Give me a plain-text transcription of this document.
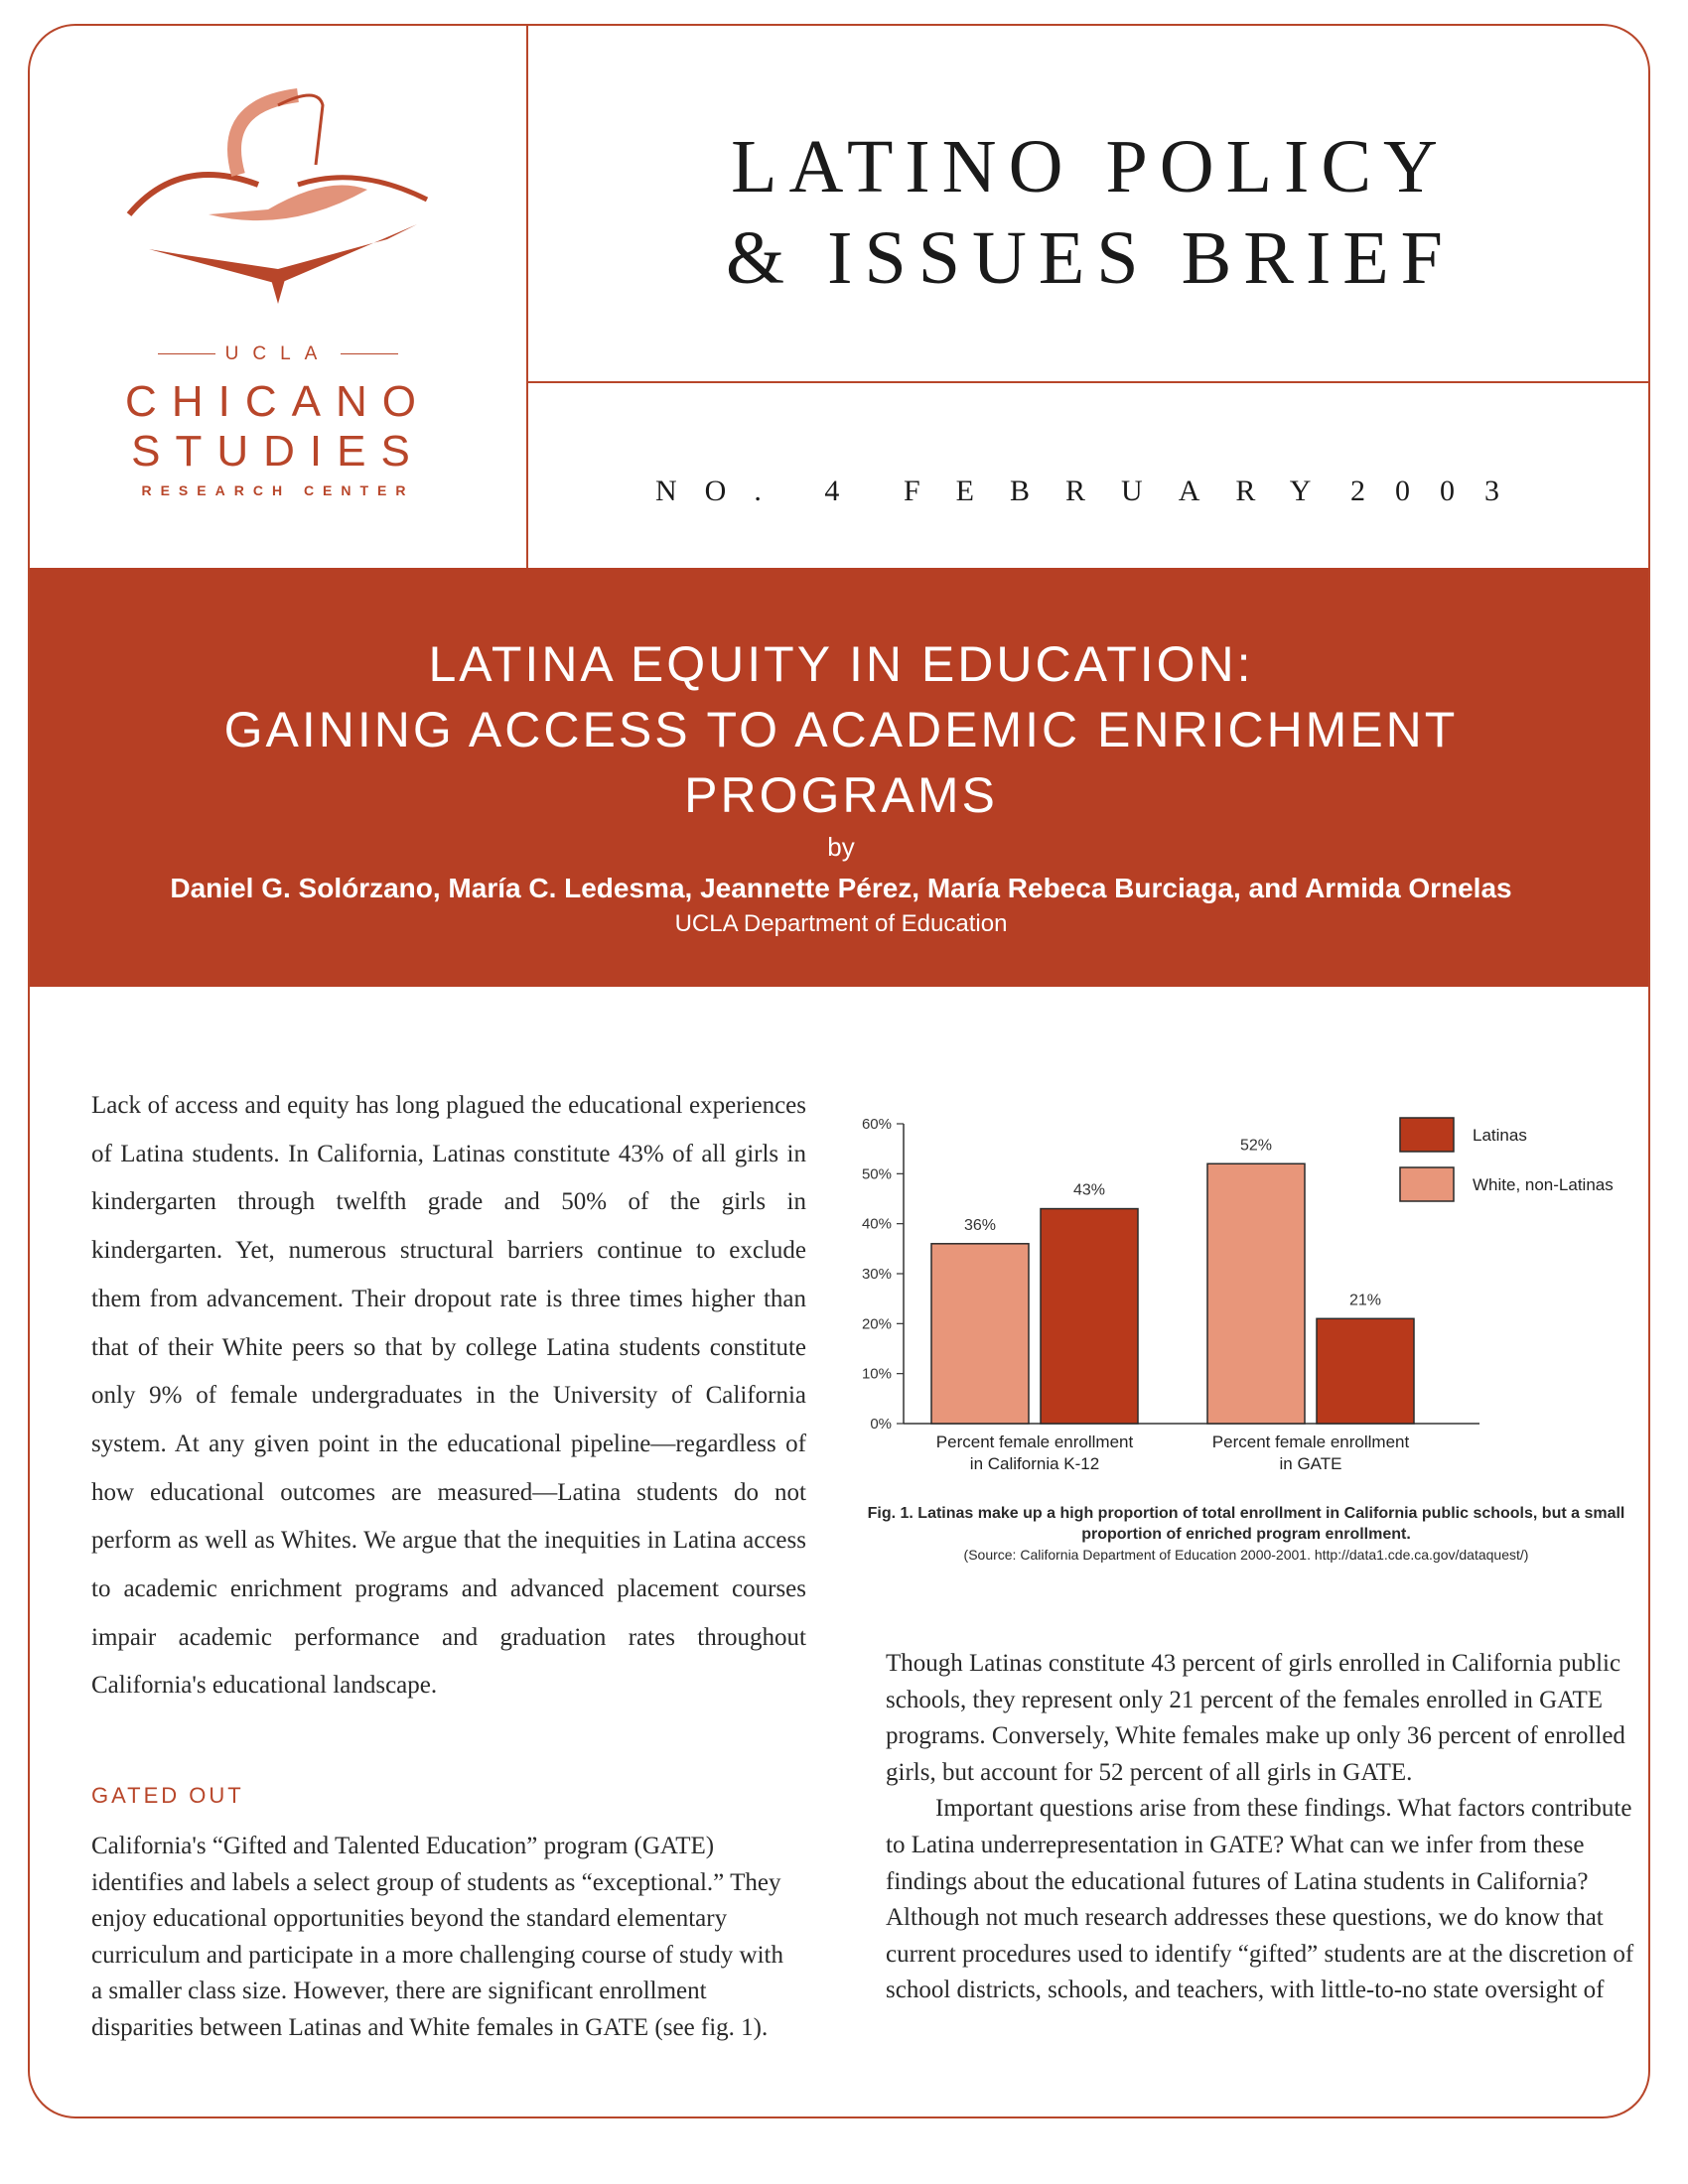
UCLA
CHICANO
STUDIES
RESEARCH CENTER
LATINO POLICY
& ISSUES BRIEF
NO. 4 FEBRUARY 2003
LATINA EQUITY IN EDUCATION:
GAINING ACCESS TO ACADEMIC ENRICHMENT
PROGRAMS
by
Daniel G. Solórzano, María C. Ledesma, Jeannette Pérez, María Rebeca Burciaga, and Armida Ornelas
UCLA Department of Education

Lack of access and equity has long plagued the educational experiences of Latina students. In California, Latinas constitute 43% of all girls in kindergarten through twelfth grade and 50% of the girls in kindergarten. Yet, numerous structural barriers continue to exclude them from advancement. Their dropout rate is three times higher than that of their White peers so that by college Latina students constitute only 9% of female undergraduates in the University of California system. At any given point in the educational pipeline—regardless of how educational outcomes are measured—Latina students do not perform as well as Whites. We argue that the inequities in Latina access to academic enrichment programs and advanced placement courses impair academic performance and graduation rates throughout California's educational landscape.

GATED OUT

California's “Gifted and Talented Education” program (GATE) identifies and labels a select group of students as “exceptional.” They enjoy educational opportunities beyond the standard elementary curriculum and participate in a more challenging course of study with a smaller class size. However, there are significant enrollment disparities between Latinas and White females in GATE (see fig. 1).

0%
10%
20%
30%
40%
50%
60%
36%
43%
Percent female enrollment
in California K-12
52%
21%
Percent female enrollment
in GATE
Latinas
White, non-Latinas
Fig. 1. Latinas make up a high proportion of total enrollment in California public schools, but a small proportion of enriched program enrollment.
(Source: California Department of Education 2000-2001. http://data1.cde.ca.gov/dataquest/)

Though Latinas constitute 43 percent of girls enrolled in California public schools, they represent only 21 percent of the females enrolled in GATE programs. Conversely, White females make up only 36 percent of enrolled girls, but account for 52 percent of all girls in GATE.

Important questions arise from these findings. What factors contribute to Latina underrepresentation in GATE? What can we infer from these findings about the educational futures of Latina students in California? Although not much research addresses these questions, we do know that current procedures used to identify “gifted” students are at the discretion of school districts, schools, and teachers, with little-to-no state oversight of
